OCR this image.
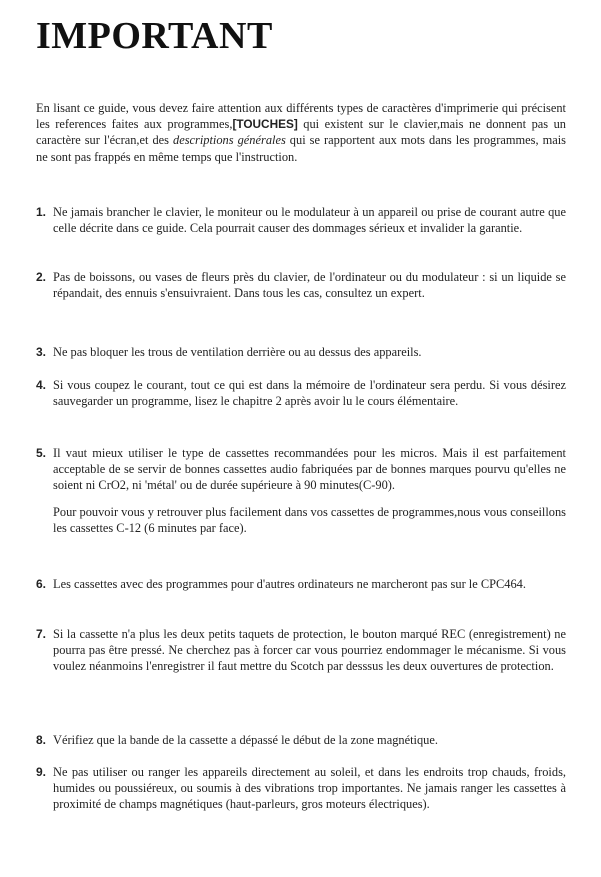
IMPORTANT
En lisant ce guide, vous devez faire attention aux différents types de caractères d'imprimerie qui précisent les references faites aux programmes,[TOUCHES] qui existent sur le clavier,mais ne donnent pas un caractère sur l'écran,et des descriptions générales qui se rapportent aux mots dans les programmes, mais ne sont pas frappés en même temps que l'instruction.
1. Ne jamais brancher le clavier, le moniteur ou le modulateur à un appareil ou prise de courant autre que celle décrite dans ce guide. Cela pourrait causer des dommages sérieux et invalider la garantie.

2. Pas de boissons, ou vases de fleurs près du clavier, de l'ordinateur ou du modulateur : si un liquide se répandait, des ennuis s'ensuivraient. Dans tous les cas, consultez un expert.

3. Ne pas bloquer les trous de ventilation derrière ou au dessus des appareils.

4. Si vous coupez le courant, tout ce qui est dans la mémoire de l'ordinateur sera perdu. Si vous désirez sauvegarder un programme, lisez le chapitre 2 après avoir lu le cours élémentaire.

5. Il vaut mieux utiliser le type de cassettes recommandées pour les micros. Mais il est parfaitement acceptable de se servir de bonnes cassettes audio fabriquées par de bonnes marques pourvu qu'elles ne soient ni CrO2, ni 'métal' ou de durée supérieure à 90 minutes(C-90).

Pour pouvoir vous y retrouver plus facilement dans vos cassettes de programmes,nous vous conseillons les cassettes C-12 (6 minutes par face).

6. Les cassettes avec des programmes pour d'autres ordinateurs ne marcheront pas sur le CPC464.

7. Si la cassette n'a plus les deux petits taquets de protection, le bouton marqué REC (enregistrement) ne pourra pas être pressé. Ne cherchez pas à forcer car vous pourriez endommager le mécanisme. Si vous voulez néanmoins l'enregistrer il faut mettre du Scotch par desssus les deux ouvertures de protection.

8. Vérifiez que la bande de la cassette a dépassé le début de la zone magnétique.

9. Ne pas utiliser ou ranger les appareils directement au soleil, et dans les endroits trop chauds, froids, humides ou poussiéreux, ou soumis à des vibrations trop importantes. Ne jamais ranger les cassettes à proximité de champs magnétiques (haut-parleurs, gros moteurs électriques).
